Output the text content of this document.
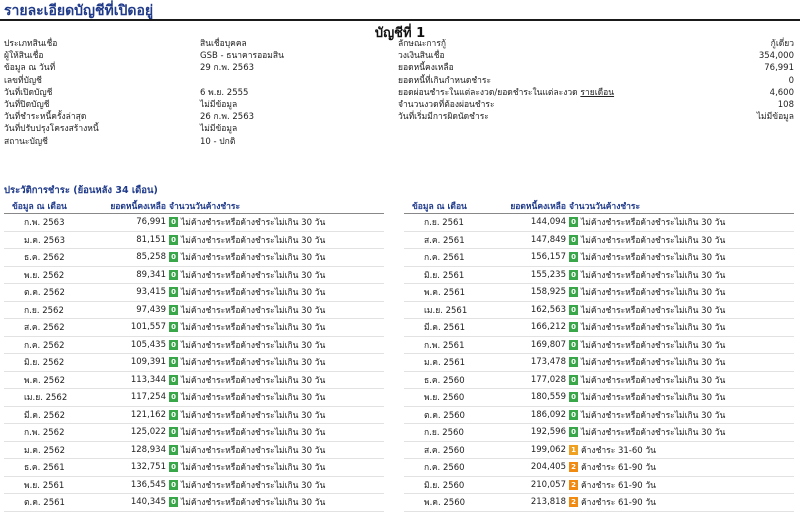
รายละเอียดบัญชีที่เปิดอยู่
บัญชีที่ 1
ประเภทสินเชื่อ	สินเชื่อบุคคล
ผู้ให้สินเชื่อ	GSB - ธนาคารออมสิน
ข้อมูล ณ วันที่	29 ก.พ. 2563
เลขที่บัญชี
วันที่เปิดบัญชี	6 พ.ย. 2555
วันที่ปิดบัญชี	ไม่มีข้อมูล
วันที่ชำระหนี้ครั้งล่าสุด	26 ก.พ. 2563
วันที่ปรับปรุงโครงสร้างหนี้	ไม่มีข้อมูล
สถานะบัญชี	10 - ปกติ
ลักษณะการกู้	กู้เดี่ยว
วงเงินสินเชื่อ	354,000
ยอดหนี้คงเหลือ	76,991
ยอดหนี้ที่เกินกำหนดชำระ	0
ยอดผ่อนชำระในแต่ละงวด/ยอดชำระในแต่ละงวด รายเดือน	4,600
จำนวนงวดที่ต้องผ่อนชำระ	108
วันที่เริ่มมีการผิดนัดชำระ	ไม่มีข้อมูล
ประวัติการชำระ (ย้อนหลัง 34 เดือน)
ข้อมูล ณ เดือน	ยอดหนี้คงเหลือ	จำนวนวันค้างชำระ
ก.พ. 2563	76,991	0 ไม่ค้างชำระหรือค้างชำระไม่เกิน 30 วัน
ม.ค. 2563	81,151	0 ไม่ค้างชำระหรือค้างชำระไม่เกิน 30 วัน
ธ.ค. 2562	85,258	0 ไม่ค้างชำระหรือค้างชำระไม่เกิน 30 วัน
พ.ย. 2562	89,341	0 ไม่ค้างชำระหรือค้างชำระไม่เกิน 30 วัน
ต.ค. 2562	93,415	0 ไม่ค้างชำระหรือค้างชำระไม่เกิน 30 วัน
ก.ย. 2562	97,439	0 ไม่ค้างชำระหรือค้างชำระไม่เกิน 30 วัน
ส.ค. 2562	101,557	0 ไม่ค้างชำระหรือค้างชำระไม่เกิน 30 วัน
ก.ค. 2562	105,435	0 ไม่ค้างชำระหรือค้างชำระไม่เกิน 30 วัน
มิ.ย. 2562	109,391	0 ไม่ค้างชำระหรือค้างชำระไม่เกิน 30 วัน
พ.ค. 2562	113,344	0 ไม่ค้างชำระหรือค้างชำระไม่เกิน 30 วัน
เม.ย. 2562	117,254	0 ไม่ค้างชำระหรือค้างชำระไม่เกิน 30 วัน
มี.ค. 2562	121,162	0 ไม่ค้างชำระหรือค้างชำระไม่เกิน 30 วัน
ก.พ. 2562	125,022	0 ไม่ค้างชำระหรือค้างชำระไม่เกิน 30 วัน
ม.ค. 2562	128,934	0 ไม่ค้างชำระหรือค้างชำระไม่เกิน 30 วัน
ธ.ค. 2561	132,751	0 ไม่ค้างชำระหรือค้างชำระไม่เกิน 30 วัน
พ.ย. 2561	136,545	0 ไม่ค้างชำระหรือค้างชำระไม่เกิน 30 วัน
ต.ค. 2561	140,345	0 ไม่ค้างชำระหรือค้างชำระไม่เกิน 30 วัน
ข้อมูล ณ เดือน	ยอดหนี้คงเหลือ	จำนวนวันค้างชำระ
ก.ย. 2561	144,094	0 ไม่ค้างชำระหรือค้างชำระไม่เกิน 30 วัน
ส.ค. 2561	147,849	0 ไม่ค้างชำระหรือค้างชำระไม่เกิน 30 วัน
ก.ค. 2561	156,157	0 ไม่ค้างชำระหรือค้างชำระไม่เกิน 30 วัน
มิ.ย. 2561	155,235	0 ไม่ค้างชำระหรือค้างชำระไม่เกิน 30 วัน
พ.ค. 2561	158,925	0 ไม่ค้างชำระหรือค้างชำระไม่เกิน 30 วัน
เม.ย. 2561	162,563	0 ไม่ค้างชำระหรือค้างชำระไม่เกิน 30 วัน
มี.ค. 2561	166,212	0 ไม่ค้างชำระหรือค้างชำระไม่เกิน 30 วัน
ก.พ. 2561	169,807	0 ไม่ค้างชำระหรือค้างชำระไม่เกิน 30 วัน
ม.ค. 2561	173,478	0 ไม่ค้างชำระหรือค้างชำระไม่เกิน 30 วัน
ธ.ค. 2560	177,028	0 ไม่ค้างชำระหรือค้างชำระไม่เกิน 30 วัน
พ.ย. 2560	180,559	0 ไม่ค้างชำระหรือค้างชำระไม่เกิน 30 วัน
ต.ค. 2560	186,092	0 ไม่ค้างชำระหรือค้างชำระไม่เกิน 30 วัน
ก.ย. 2560	192,596	0 ไม่ค้างชำระหรือค้างชำระไม่เกิน 30 วัน
ส.ค. 2560	199,062	1 ค้างชำระ 31-60 วัน
ก.ค. 2560	204,405	2 ค้างชำระ 61-90 วัน
มิ.ย. 2560	210,057	2 ค้างชำระ 61-90 วัน
พ.ค. 2560	213,818	2 ค้างชำระ 61-90 วัน
